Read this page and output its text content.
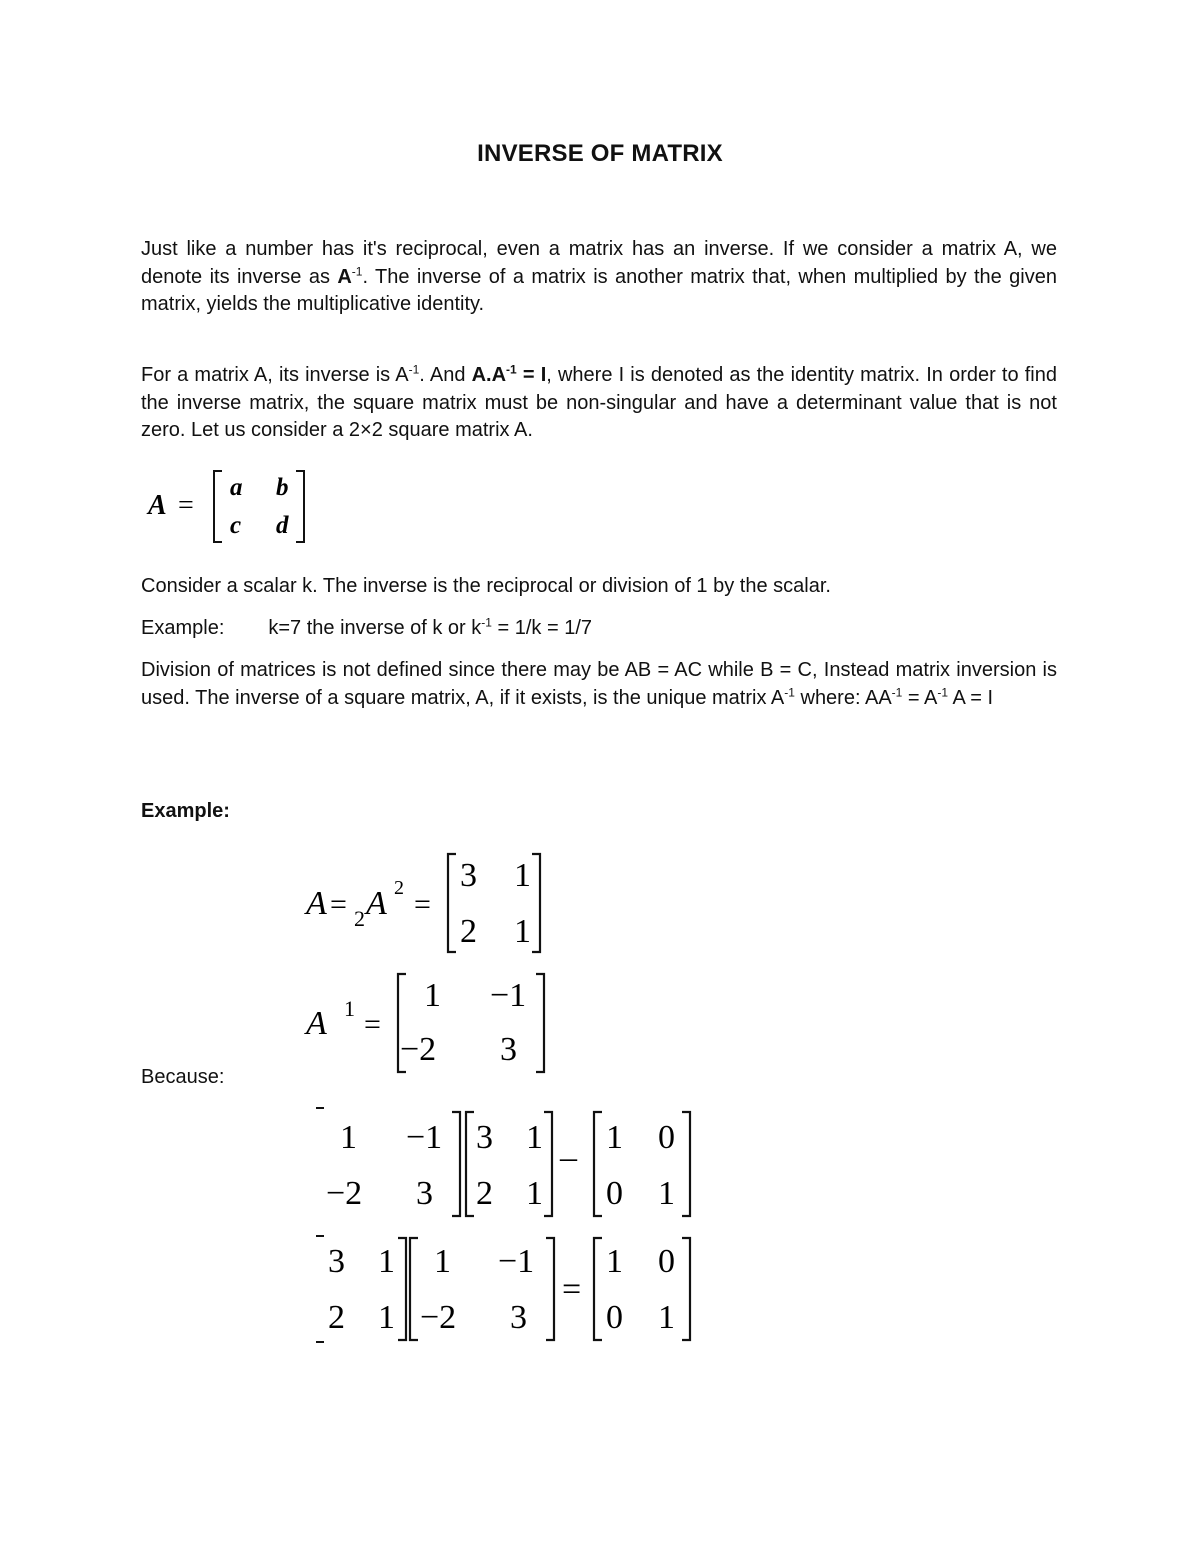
INVERSE OF MATRIX
Just like a number has it's reciprocal, even a matrix has an inverse. If we consider a matrix A, we denote its inverse as $A^{-1}$. The inverse of a matrix is another matrix that, when multiplied by the given matrix, yields the multiplicative identity.
For a matrix A, its inverse is $A^{-1}$. And $A.A^{-1} = I$, where I is denoted as the identity matrix. In order to find the inverse matrix, the square matrix must be non-singular and have a determinant value that is not zero. Let us consider a 2×2 square matrix A.
A =
a b
c d
Consider a scalar k. The inverse is the reciprocal or division of 1 by the scalar.
Example: k=7 the inverse of k or $k^{-1} = 1/k = 1/7$
Division of matrices is not defined since there may be AB = AC while B = C, Instead matrix inversion is used. The inverse of a square matrix, A, if it exists, is the unique matrix $A^{-1}$ where: $AA^{-1} = A^{-1}$ A = I
Example:
A = 2 A 2 =
3 1
2 1
A 1 =
1 −1
−2 3
Because:
1 −1
−2 3
3 1
2 1
–
1 0
0 1
3 1
2 1
1 −1
−2 3
=
1 0
0 1
